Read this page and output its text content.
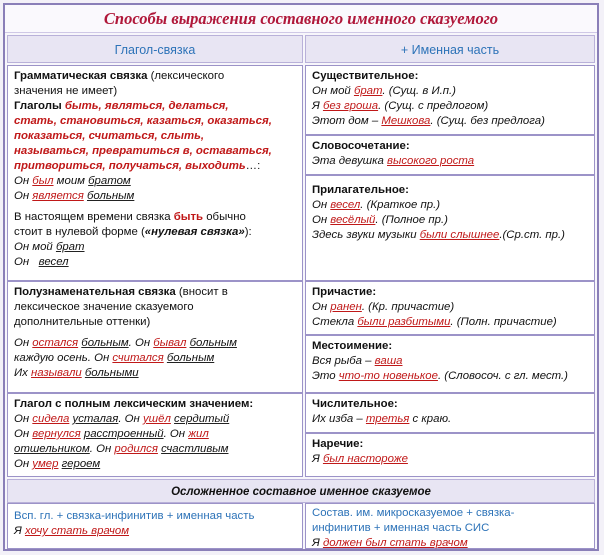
Способы выражения составного именного сказуемого
Глагол-связка	+ Именная часть
Грамматическая связка (лексического
значения не имеет)
Глаголы быть, являться, делаться,
стать, становиться, казаться, оказаться,
показаться, считаться, слыть,
называться, превратиться в, оставаться,
притвориться, получаться, выходить…:
Он был моим братом
Он является больным
В настоящем времени связка быть обычно
стоит в нулевой форме («нулевая связка»):
Он мой брат
Он   весел
Полузнаменательная связка (вносит в
лексическое значение сказуемого
дополнительные оттенки)
Он остался больным. Он бывал больным
каждую осень. Он считался больным
Их называли больными
Глагол с полным лексическим значением:
Он сидела усталая. Он ушёл сердитый
Он вернулся расстроенный. Он жил
отшельником. Он родился счастливым
Он умер героем
Существительное:
Он мой брат. (Сущ. в И.п.)
Я без гроша. (Сущ. с предлогом)
Этот дом – Мешкова. (Сущ. без предлога)
Словосочетание:
Эта девушка высокого роста
Прилагательное:
Он весел. (Краткое пр.)
Он весёлый. (Полное пр.)
Здесь звуки музыки были слышнее.(Ср.ст. пр.)
Причастие:
Он ранен. (Кр. причастие)
Стекла были разбитыми. (Полн. причастие)
Местоимение:
Вся рыба – ваша
Это что-то новенькое. (Словосоч. с гл. мест.)
Числительное:
Их изба – третья с краю.
Наречие:
Я был настороже
Осложненное составное именное сказуемое
Всп. гл. + связка-инфинитив + именная часть
Я хочу стать врачом
Состав. им. микросказуемое + связка-
инфинитив + именная часть СИС
Я должен был стать врачом
